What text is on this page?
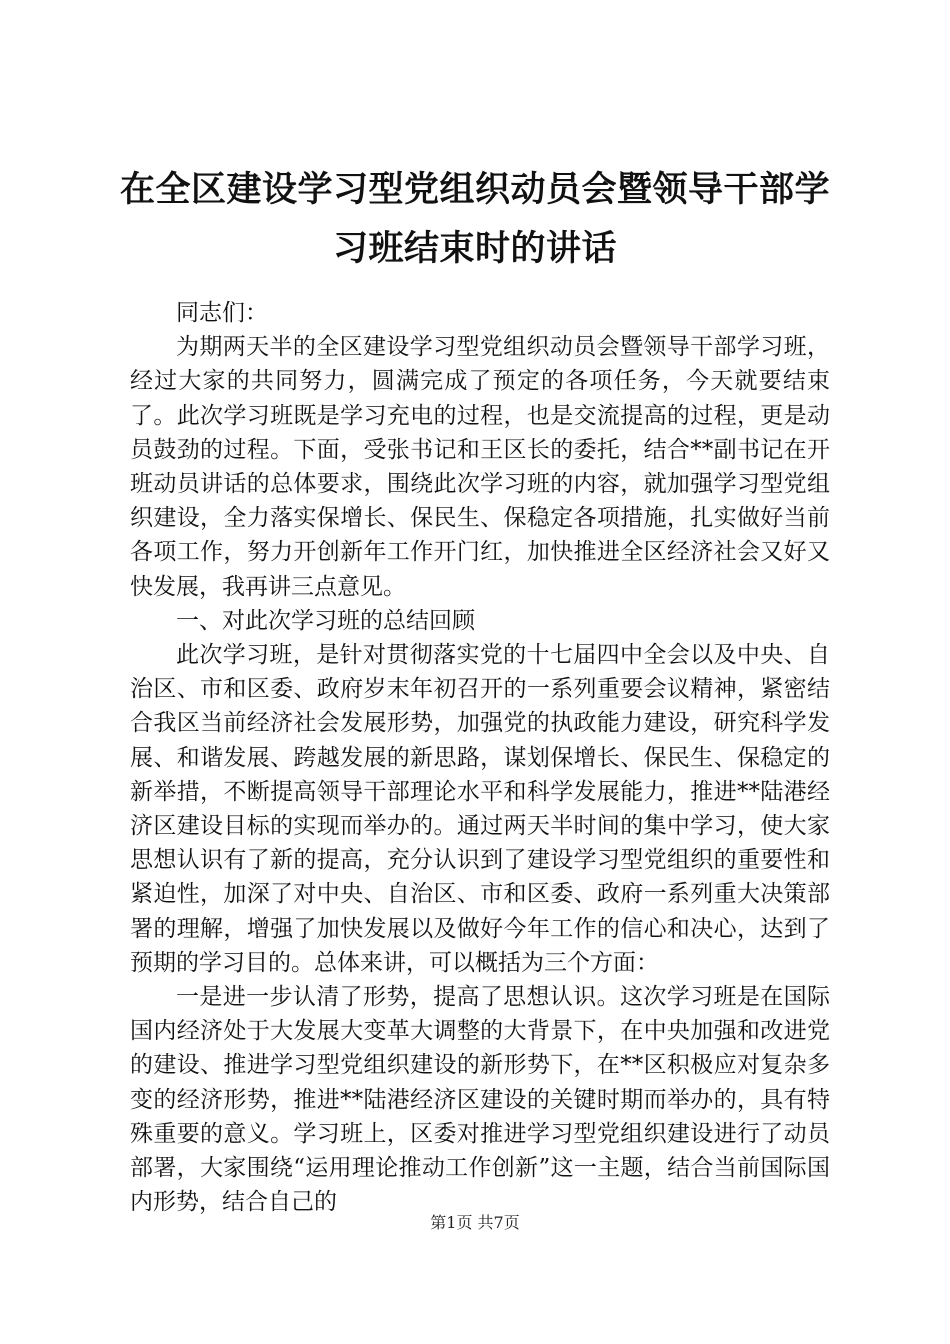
在全区建设学习型党组织动员会暨领导干部学习班结束时的讲话

同志们：

为期两天半的全区建设学习型党组织动员会暨领导干部学习班，经过大家的共同努力，圆满完成了预定的各项任务，今天就要结束了。此次学习班既是学习充电的过程，也是交流提高的过程，更是动员鼓劲的过程。下面，受张书记和王区长的委托，结合**副书记在开班动员讲话的总体要求，围绕此次学习班的内容，就加强学习型党组织建设，全力落实保增长、保民生、保稳定各项措施，扎实做好当前各项工作，努力开创新年工作开门红，加快推进全区经济社会又好又快发展，我再讲三点意见。

一、对此次学习班的总结回顾

此次学习班，是针对贯彻落实党的十七届四中全会以及中央、自治区、市和区委、政府岁末年初召开的一系列重要会议精神，紧密结合我区当前经济社会发展形势，加强党的执政能力建设，研究科学发展、和谐发展、跨越发展的新思路，谋划保增长、保民生、保稳定的新举措，不断提高领导干部理论水平和科学发展能力，推进**陆港经济区建设目标的实现而举办的。通过两天半时间的集中学习，使大家思想认识有了新的提高，充分认识到了建设学习型党组织的重要性和紧迫性，加深了对中央、自治区、市和区委、政府一系列重大决策部署的理解，增强了加快发展以及做好今年工作的信心和决心，达到了预期的学习目的。总体来讲，可以概括为三个方面：

一是进一步认清了形势，提高了思想认识。这次学习班是在国际国内经济处于大发展大变革大调整的大背景下，在中央加强和改进党的建设、推进学习型党组织建设的新形势下，在**区积极应对复杂多变的经济形势，推进**陆港经济区建设的关键时期而举办的，具有特殊重要的意义。学习班上，区委对推进学习型党组织建设进行了动员部署，大家围绕“运用理论推动工作创新”这一主题，结合当前国际国内形势，结合自己的

第1页 共7页
